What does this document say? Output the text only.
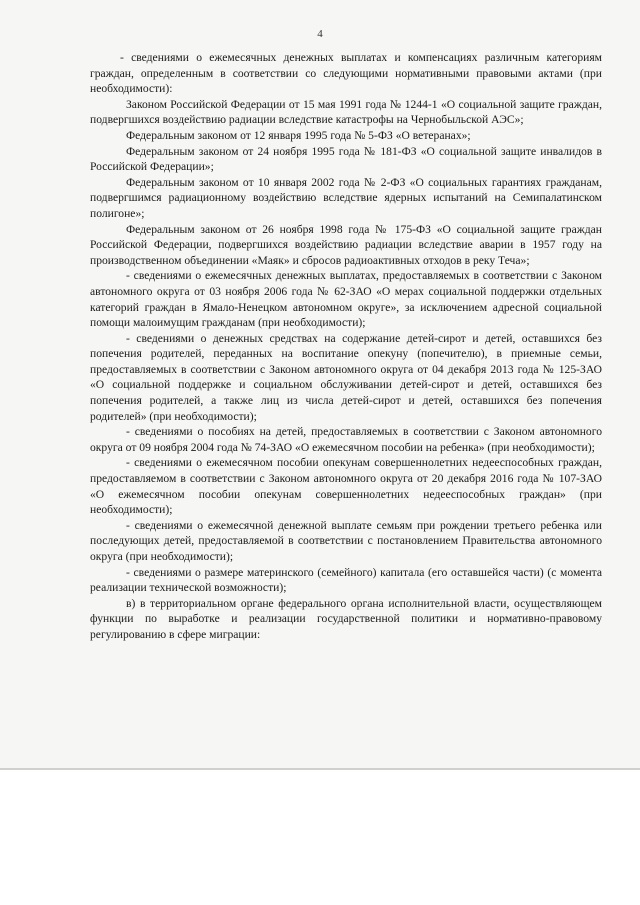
4

- сведениями о ежемесячных денежных выплатах и компенсациях различным категориям граждан, определенным в соответствии со следующими нормативными правовыми актами (при необходимости):

Законом Российской Федерации от 15 мая 1991 года № 1244-1 «О социальной защите граждан, подвергшихся воздействию радиации вследствие катастрофы на Чернобыльской АЭС»;

Федеральным законом от 12 января 1995 года № 5-ФЗ «О ветеранах»;

Федеральным законом от 24 ноября 1995 года № 181-ФЗ «О социальной защите инвалидов в Российской Федерации»;

Федеральным законом от 10 января 2002 года № 2-ФЗ «О социальных гарантиях гражданам, подвергшимся радиационному воздействию вследствие ядерных испытаний на Семипалатинском полигоне»;

Федеральным законом от 26 ноября 1998 года № 175-ФЗ «О социальной защите граждан Российской Федерации, подвергшихся воздействию радиации вследствие аварии в 1957 году на производственном объединении «Маяк» и сбросов радиоактивных отходов в реку Теча»;

- сведениями о ежемесячных денежных выплатах, предоставляемых в соответствии с Законом автономного округа от 03 ноября 2006 года № 62-ЗАО «О мерах социальной поддержки отдельных категорий граждан в Ямало-Ненецком автономном округе», за исключением адресной социальной помощи малоимущим гражданам (при необходимости);

- сведениями о денежных средствах на содержание детей-сирот и детей, оставшихся без попечения родителей, переданных на воспитание опекуну (попечителю), в приемные семьи, предоставляемых в соответствии с Законом автономного округа от 04 декабря 2013 года № 125-ЗАО «О социальной поддержке и социальном обслуживании детей-сирот и детей, оставшихся без попечения родителей, а также лиц из числа детей-сирот и детей, оставшихся без попечения родителей» (при необходимости);

- сведениями о пособиях на детей, предоставляемых в соответствии с Законом автономного округа от 09 ноября 2004 года № 74-ЗАО «О ежемесячном пособии на ребенка» (при необходимости);

- сведениями о ежемесячном пособии опекунам совершеннолетних недееспособных граждан, предоставляемом в соответствии с Законом автономного округа от 20 декабря 2016 года № 107-ЗАО «О ежемесячном пособии опекунам совершеннолетних недееспособных граждан» (при необходимости);

- сведениями о ежемесячной денежной выплате семьям при рождении третьего ребенка или последующих детей, предоставляемой в соответствии с постановлением Правительства автономного округа (при необходимости);

- сведениями о размере материнского (семейного) капитала (его оставшейся части) (с момента реализации технической возможности);

в) в территориальном органе федерального органа исполнительной власти, осуществляющем функции по выработке и реализации государственной политики и нормативно-правовому регулированию в сфере миграции:
